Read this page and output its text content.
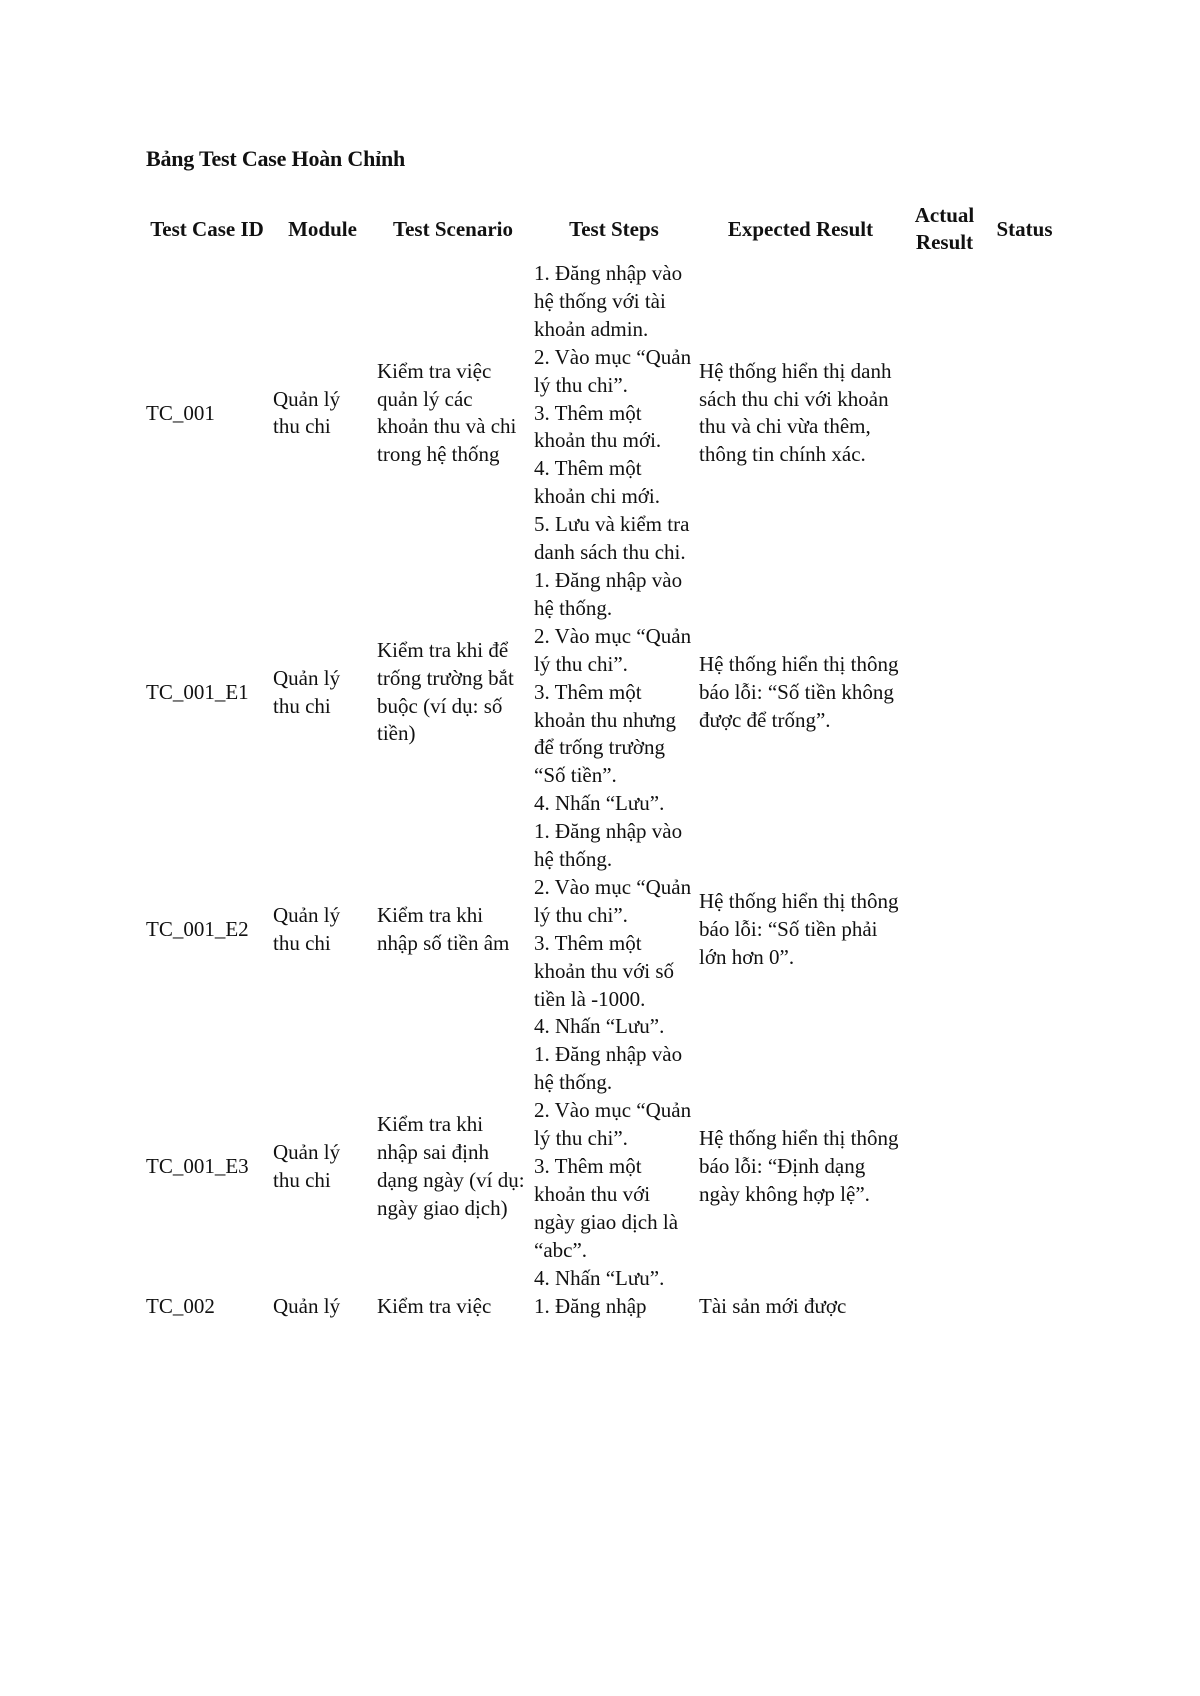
Bảng Test Case Hoàn Chỉnh
Test Case ID	Module	Test Scenario	Test Steps	Expected Result	Actual Result	Status
TC_001	Quản lý thu chi	Kiểm tra việc quản lý các khoản thu và chi trong hệ thống	1. Đăng nhập vào hệ thống với tài khoản admin.
2. Vào mục “Quản lý thu chi”.
3. Thêm một khoản thu mới.
4. Thêm một khoản chi mới.
5. Lưu và kiểm tra danh sách thu chi.	Hệ thống hiển thị danh sách thu chi với khoản thu và chi vừa thêm, thông tin chính xác.		
TC_001_E1	Quản lý thu chi	Kiểm tra khi để trống trường bắt buộc (ví dụ: số tiền)	1. Đăng nhập vào hệ thống.
2. Vào mục “Quản lý thu chi”.
3. Thêm một khoản thu nhưng để trống trường “Số tiền”.
4. Nhấn “Lưu”.	Hệ thống hiển thị thông báo lỗi: “Số tiền không được để trống”.		
TC_001_E2	Quản lý thu chi	Kiểm tra khi nhập số tiền âm	1. Đăng nhập vào hệ thống.
2. Vào mục “Quản lý thu chi”.
3. Thêm một khoản thu với số tiền là -1000.
4. Nhấn “Lưu”.	Hệ thống hiển thị thông báo lỗi: “Số tiền phải lớn hơn 0”.		
TC_001_E3	Quản lý thu chi	Kiểm tra khi nhập sai định dạng ngày (ví dụ: ngày giao dịch)	1. Đăng nhập vào hệ thống.
2. Vào mục “Quản lý thu chi”.
3. Thêm một khoản thu với ngày giao dịch là “abc”.
4. Nhấn “Lưu”.	Hệ thống hiển thị thông báo lỗi: “Định dạng ngày không hợp lệ”.		
TC_002	Quản lý	Kiểm tra việc	1. Đăng nhập	Tài sản mới được		
